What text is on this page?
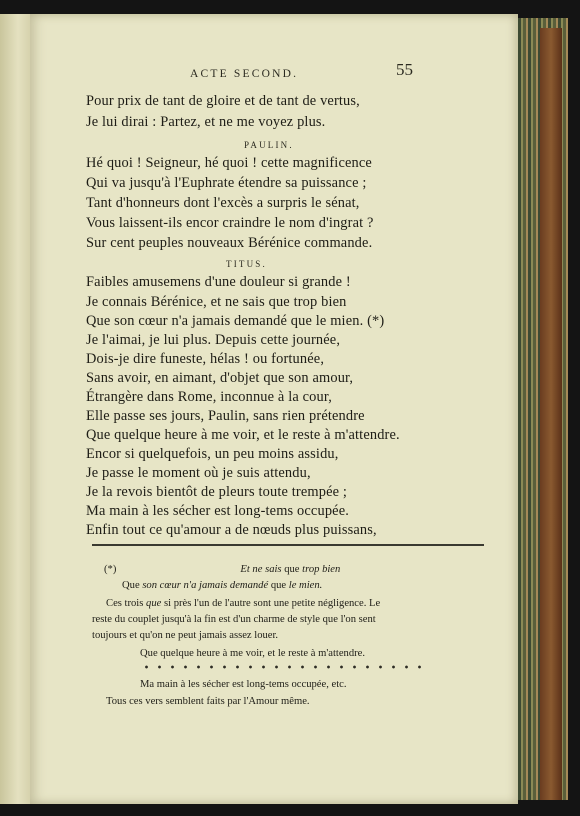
ACTE SECOND.	55
Pour prix de tant de gloire et de tant de vertus,
Je lui dirai : Partez, et ne me voyez plus.
PAULIN.
Hé quoi ! Seigneur, hé quoi ! cette magnificence
Qui va jusqu'à l'Euphrate étendre sa puissance ;
Tant d'honneurs dont l'excès a surpris le sénat,
Vous laissent-ils encor craindre le nom d'ingrat ?
Sur cent peuples nouveaux Bérénice commande.
TITUS.
Faibles amusemens d'une douleur si grande !
Je connais Bérénice, et ne sais que trop bien
Que son cœur n'a jamais demandé que le mien. (*)
Je l'aimai, je lui plus. Depuis cette journée,
Dois-je dire funeste, hélas ! ou fortunée,
Sans avoir, en aimant, d'objet que son amour,
Étrangère dans Rome, inconnue à la cour,
Elle passe ses jours, Paulin, sans rien prétendre
Que quelque heure à me voir, et le reste à m'attendre.
Encor si quelquefois, un peu moins assidu,
Je passe le moment où je suis attendu,
Je la revois bientôt de pleurs toute trempée ;
Ma main à les sécher est long-tems occupée.
Enfin tout ce qu'amour a de nœuds plus puissans,
(*)	Et ne sais que trop bien
Que son cœur n'a jamais demandé que le mien.
Ces trois que si près l'un de l'autre sont une petite négligence. Le
reste du couplet jusqu'à la fin est d'un charme de style que l'on sent
toujours et qu'on ne peut jamais assez louer.
Que quelque heure à me voir, et le reste à m'attendre.
Ma main à les sécher est long-tems occupée, etc.
Tous ces vers semblent faits par l'Amour même.
